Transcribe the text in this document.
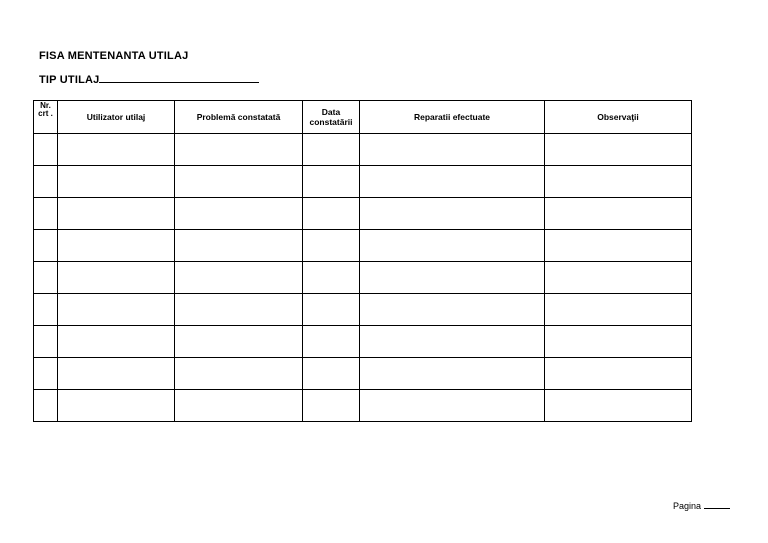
FISA MENTENANTA UTILAJ
TIP UTILAJ
Nr. crt .	Utilizator utilaj	Problemă constatată	Data constatării	Reparatii efectuate	Observaţii

Pagina
